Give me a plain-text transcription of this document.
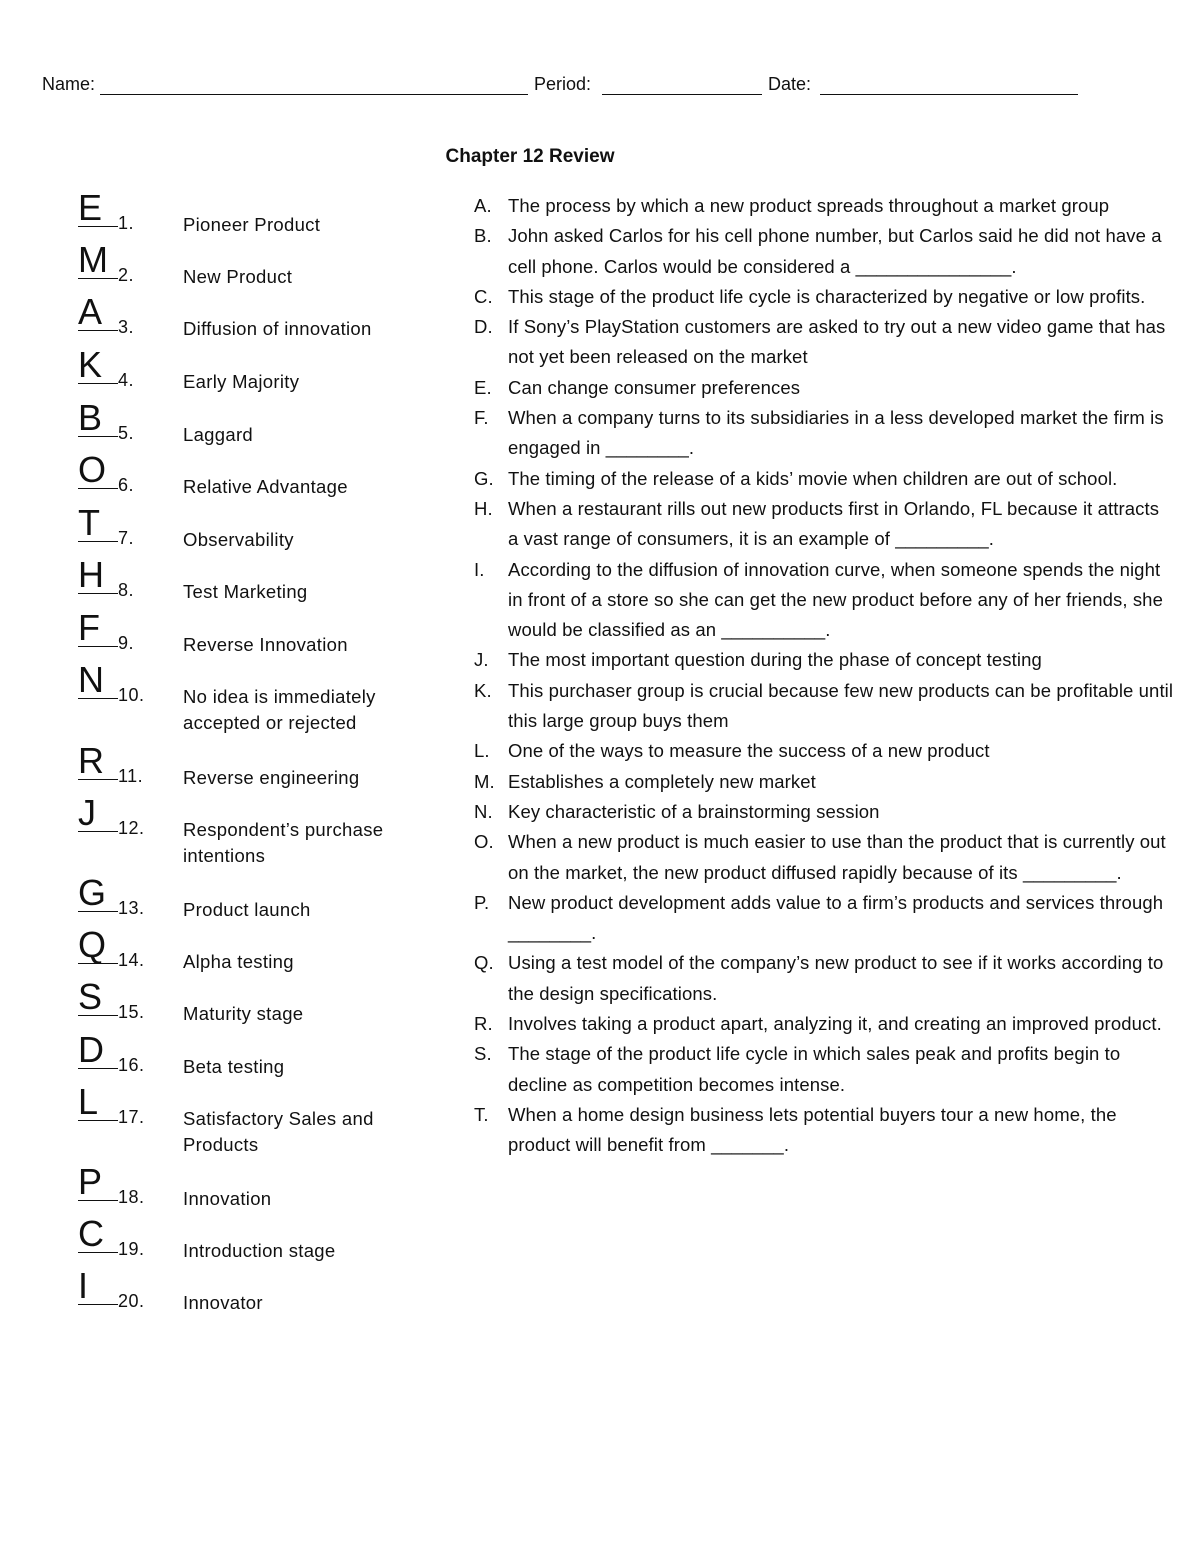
Name:	Period:	Date:
Chapter 12 Review
E 1.	Pioneer Product
M 2.	New Product
A 3.	Diffusion of innovation
K 4.	Early Majority
B 5.	Laggard
O 6.	Relative Advantage
T 7.	Observability
H 8.	Test Marketing
F 9.	Reverse Innovation
N 10. No idea is immediately accepted or rejected
R 11. Reverse engineering
J 12. Respondent’s purchase intentions
G 13. Product launch
Q 14. Alpha testing
S 15. Maturity stage
D 16. Beta testing
L 17. Satisfactory Sales and Products
P 18. Innovation
C 19. Introduction stage
I 20. Innovator
A. The process by which a new product spreads throughout a market group
B. John asked Carlos for his cell phone number, but Carlos said he did not have a cell phone. Carlos would be considered a _______________.
C. This stage of the product life cycle is characterized by negative or low profits.
D. If Sony’s PlayStation customers are asked to try out a new video game that has not yet been released on the market
E. Can change consumer preferences
F. When a company turns to its subsidiaries in a less developed market the firm is engaged in ________.
G. The timing of the release of a kids’ movie when children are out of school.
H. When a restaurant rills out new products first in Orlando, FL because it attracts a vast range of consumers, it is an example of _________.
I. According to the diffusion of innovation curve, when someone spends the night in front of a store so she can get the new product before any of her friends, she would be classified as an __________.
J. The most important question during the phase of concept testing
K. This purchaser group is crucial because few new products can be profitable until this large group buys them
L. One of the ways to measure the success of a new product
M. Establishes a completely new market
N. Key characteristic of a brainstorming session
O. When a new product is much easier to use than the product that is currently out on the market, the new product diffused rapidly because of its _________.
P. New product development adds value to a firm’s products and services through ________.
Q. Using a test model of the company’s new product to see if it works according to the design specifications.
R. Involves taking a product apart, analyzing it, and creating an improved product.
S. The stage of the product life cycle in which sales peak and profits begin to decline as competition becomes intense.
T. When a home design business lets potential buyers tour a new home, the product will benefit from _______.
